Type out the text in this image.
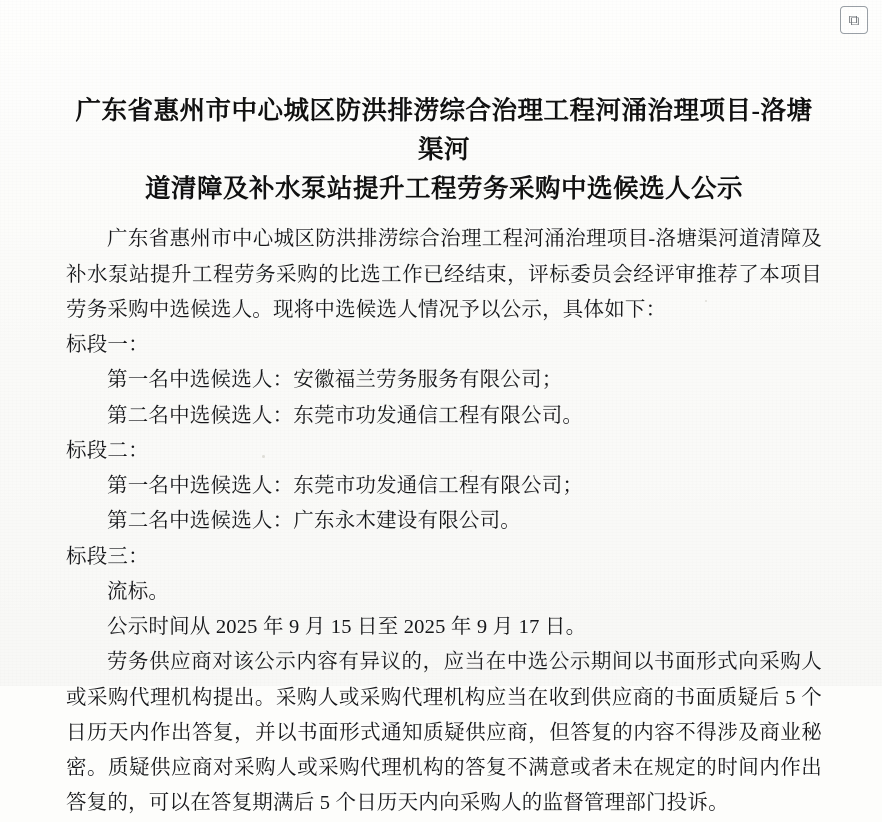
⧉
广东省惠州市中心城区防洪排涝综合治理工程河涌治理项目-洛塘渠河
道清障及补水泵站提升工程劳务采购中选候选人公示

广东省惠州市中心城区防洪排涝综合治理工程河涌治理项目-洛塘渠河道清障及补水泵站提升工程劳务采购的比选工作已经结束，评标委员会经评审推荐了本项目劳务采购中选候选人。现将中选候选人情况予以公示，具体如下：

标段一：

第一名中选候选人：安徽福兰劳务服务有限公司；

第二名中选候选人：东莞市功发通信工程有限公司。

标段二：

第一名中选候选人：东莞市功发通信工程有限公司；

第二名中选候选人：广东永木建设有限公司。

标段三：

流标。

公示时间从 2025 年 9 月 15 日至 2025 年 9 月 17 日。

劳务供应商对该公示内容有异议的，应当在中选公示期间以书面形式向采购人或采购代理机构提出。采购人或采购代理机构应当在收到供应商的书面质疑后 5 个日历天内作出答复，并以书面形式通知质疑供应商，但答复的内容不得涉及商业秘密。质疑供应商对采购人或采购代理机构的答复不满意或者未在规定的时间内作出答复的，可以在答复期满后 5 个日历天内向采购人的监督管理部门投诉。
